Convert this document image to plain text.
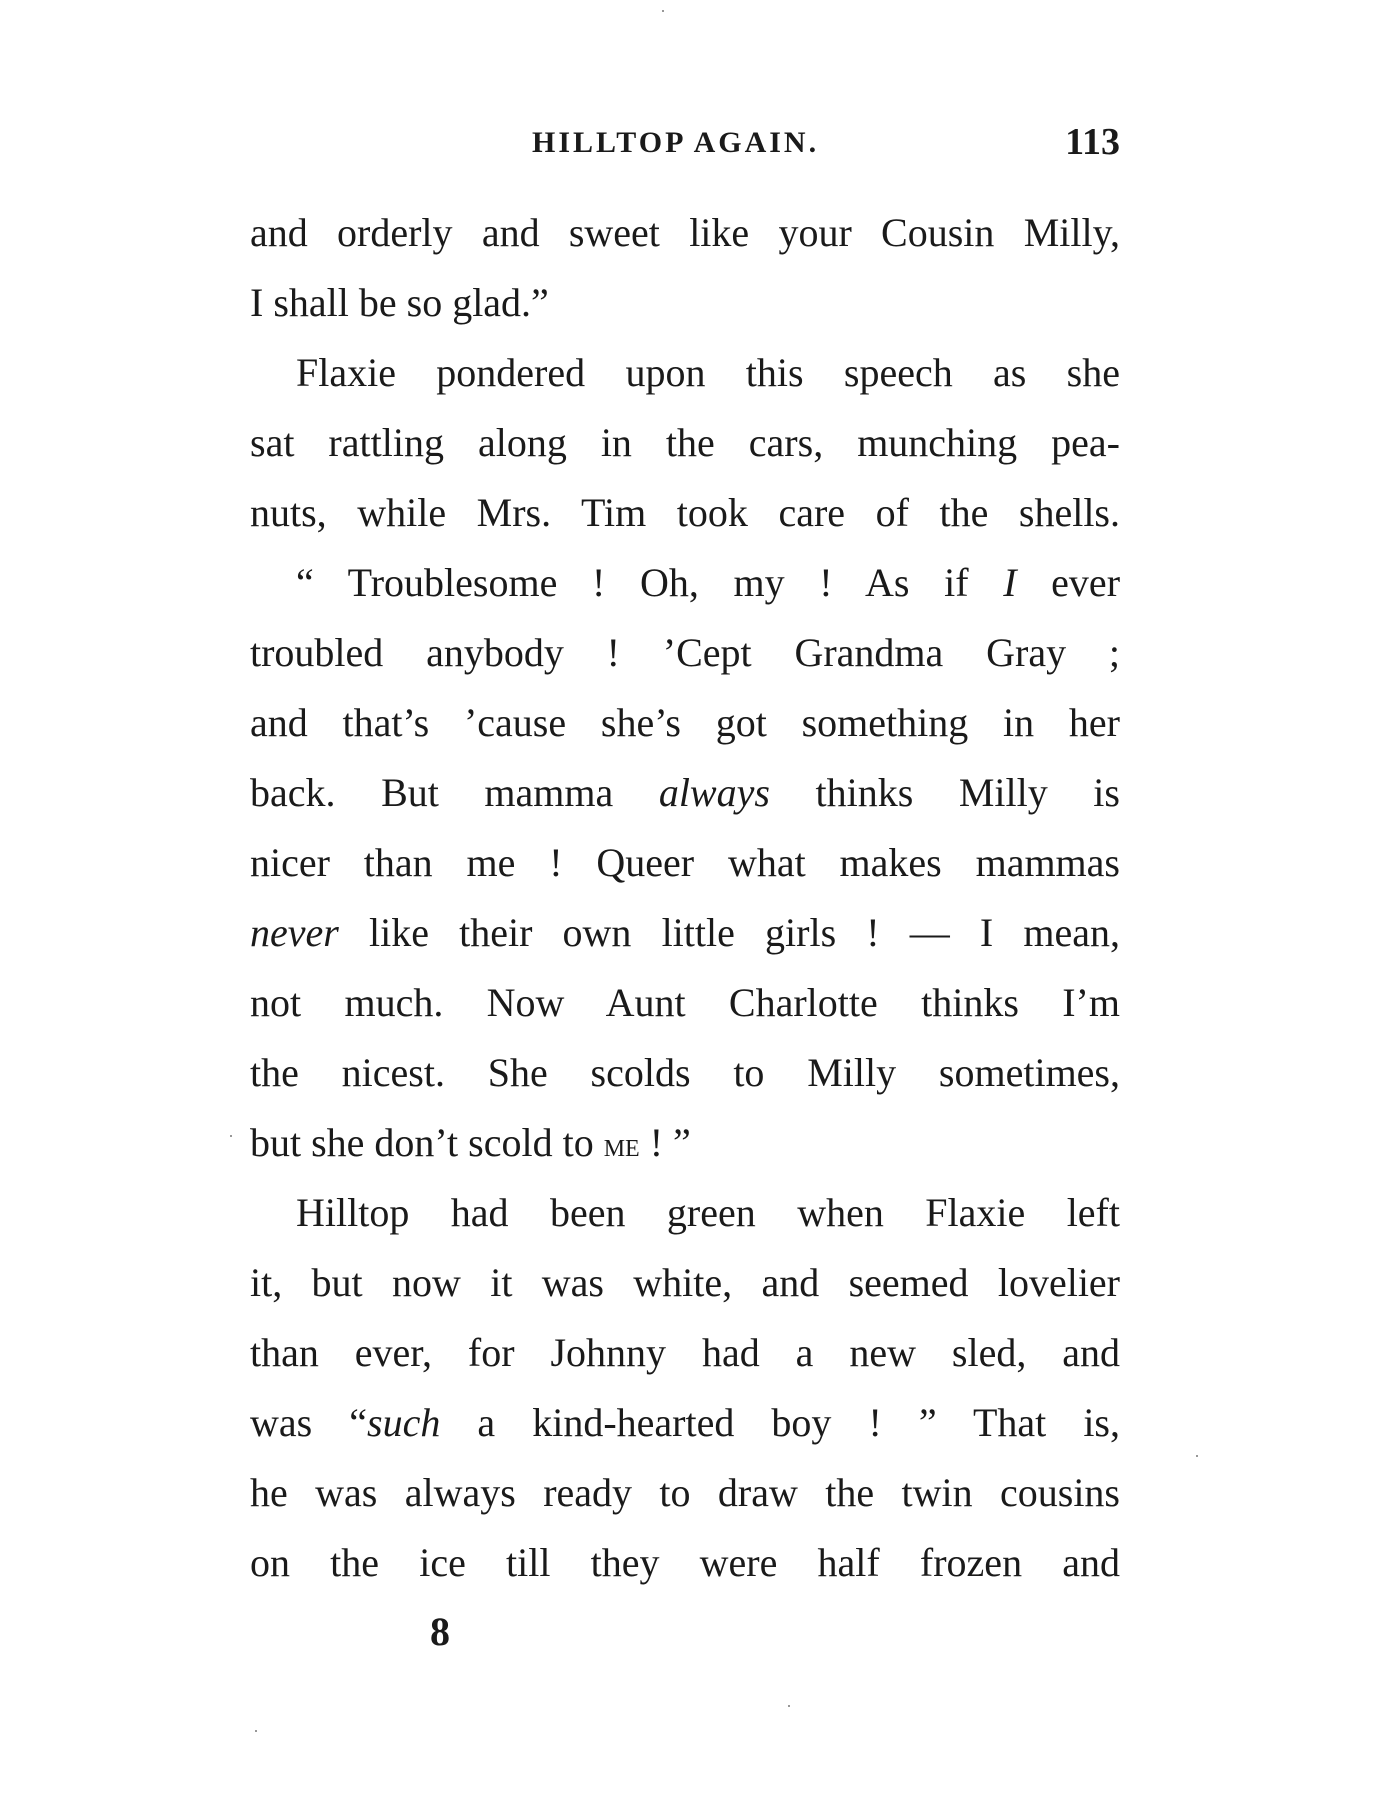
HILLTOP AGAIN.	113
and orderly and sweet like your Cousin Milly,
I shall be so glad.”
Flaxie pondered upon this speech as she
sat rattling along in the cars, munching pea-
nuts, while Mrs. Tim took care of the shells.
“ Troublesome ! Oh, my ! As if I ever
troubled anybody ! ’Cept Grandma Gray ;
and that’s ’cause she’s got something in her
back. But mamma always thinks Milly is
nicer than me ! Queer what makes mammas
never like their own little girls ! — I mean,
not much. Now Aunt Charlotte thinks I’m
the nicest. She scolds to Milly sometimes,
but she don’t scold to me ! ”
Hilltop had been green when Flaxie left
it, but now it was white, and seemed lovelier
than ever, for Johnny had a new sled, and
was “such a kind-hearted boy ! ” That is,
he was always ready to draw the twin cousins
on the ice till they were half frozen and
8
